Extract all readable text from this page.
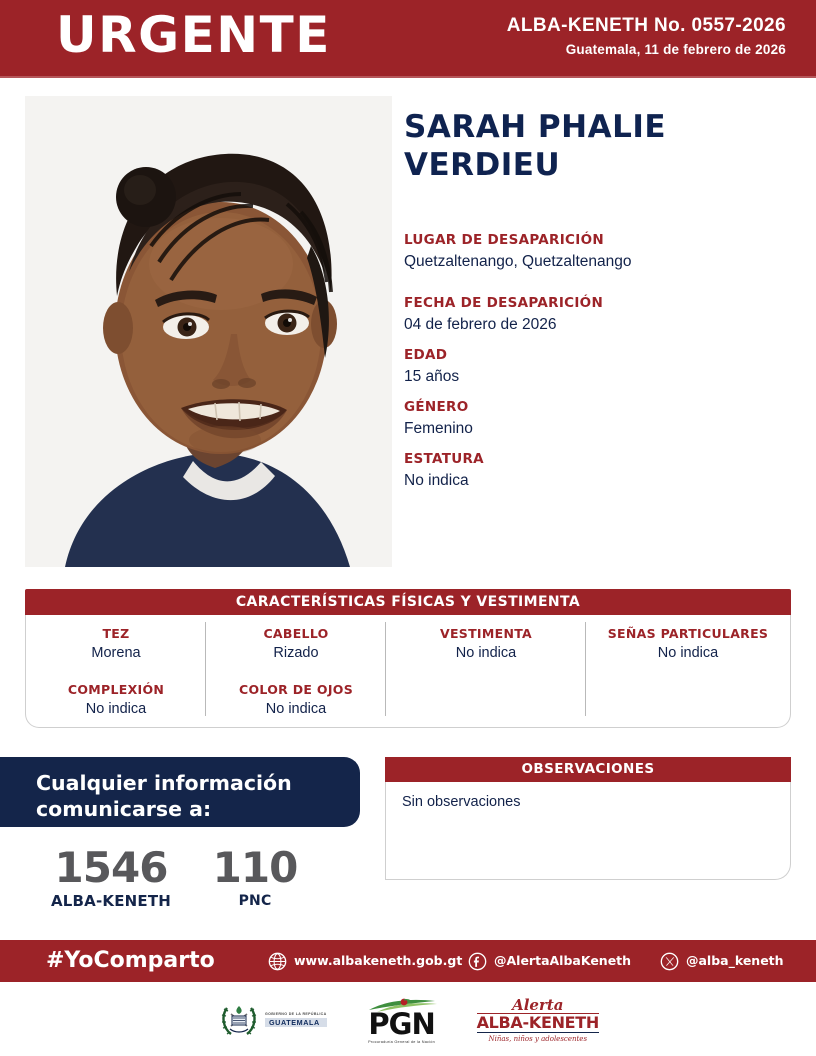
URGENTE	ALBA-KENETH No. 0557-2026
Guatemala, 11 de febrero de 2026
SARAH PHALIE VERDIEU
LUGAR DE DESAPARICIÓN
Quetzaltenango, Quetzaltenango
FECHA DE DESAPARICIÓN
04 de febrero de 2026
EDAD
15 años
GÉNERO
Femenino
ESTATURA
No indica
CARACTERÍSTICAS FÍSICAS Y VESTIMENTA
TEZ
Morena
COMPLEXIÓN
No indica
CABELLO
Rizado
COLOR DE OJOS
No indica
VESTIMENTA
No indica
SEÑAS PARTICULARES
No indica
Cualquier información
comunicarse a:
1546
ALBA-KENETH
110
PNC
OBSERVACIONES
Sin observaciones
#YoComparto	www.albakeneth.gob.gt	@AlertaAlbaKeneth	@alba_keneth
GOBIERNO DE LA REPÚBLICA
GUATEMALA PGN
Procuraduría General de la Nación
Alerta
ALBA-KENETH
Niñas, niños y adolescentes
